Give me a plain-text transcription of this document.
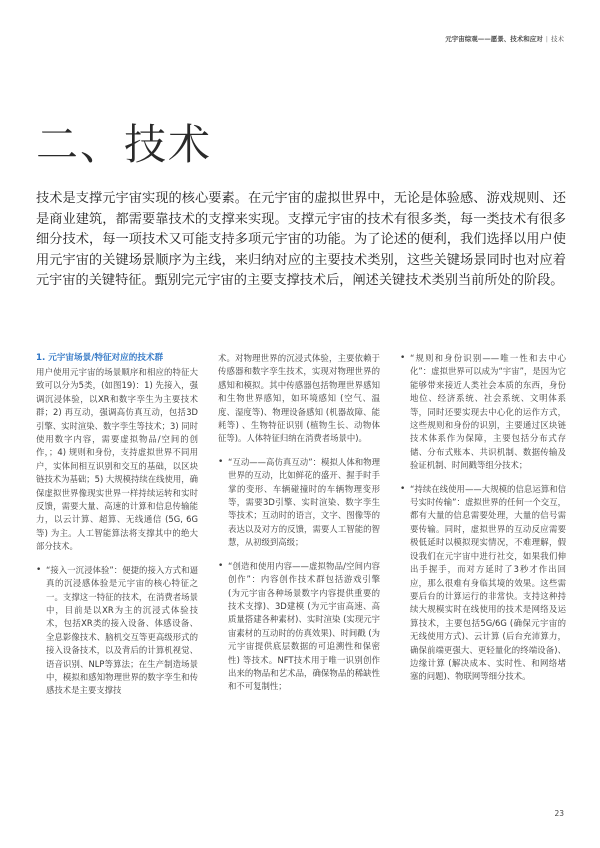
元宇宙综观——愿景、技术和应对 | 技术
二、技术

技术是支撑元宇宙实现的核心要素。在元宇宙的虚拟世界中，无论是体验感、游戏规则、还是商业建筑，都需要靠技术的支撑来实现。支撑元宇宙的技术有很多类，每一类技术有很多细分技术，每一项技术又可能支持多项元宇宙的功能。为了论述的便利，我们选择以用户使用元宇宙的关键场景顺序为主线，来归纳对应的主要技术类别，这些关键场景同时也对应着元宇宙的关键特征。甄别完元宇宙的主要支撑技术后，阐述关键技术类别当前所处的阶段。

1. 元宇宙场景/特征对应的技术群

用户使用元宇宙的场景顺序和相应的特征大致可以分为5类，(如图19)：1) 先接入，强调沉浸体验，以XR和数字孪生为主要技术群；2) 再互动，强调高仿真互动，包括3D引擎、实时渲染、数字孪生等技术；3) 同时使用数字内容，需要虚拟物品/空间的创作，；4) 规则和身份，支持虚拟世界不同用户，实体间相互识别和交互的基础，以区块链技术为基础；5) 大规模持续在线使用，确保虚拟世界像现实世界一样持续运转和实时反馈，需要大量、高速的计算和信息传输能力，以云计算、超算、无线通信 (5G, 6G等) 为主。人工智能算法将支撑其中的绝大部分技术。

• “接入一沉浸体验”：便捷的接入方式和逼真的沉浸感体验是元宇宙的核心特征之一。支撑这一特征的技术，在消费者场景中，目前是以XR为主的沉浸式体验技术，包括XR类的接入设备、体感设备、全息影像技术、脑机交互等更高级形式的接入设备技术，以及背后的计算机视觉、语音识别、NLP等算法；在生产制造场景中，模拟和感知物理世界的数字孪生和传感技术是主要支撑技

术。对物理世界的沉浸式体验，主要依赖于传感器和数字孪生技术，实现对物理世界的感知和模拟。其中传感器包括物理世界感知和生物世界感知，如环境感知 (空气、温度、湿度等)、物理设备感知 (机器故障、能耗等) 、生物特征识别 (植物生长、动物体征等)。人体特征归纳在消费者场景中)。

• “互动——高仿真互动”：模拟人体和物理世界的互动，比如鲜花的盛开、握手时手掌的变形、车辆碰撞时的车辆物理变形等，需要3D引擎、实时渲染、数字孪生等技术；互动时的语言，文字、图像等的表达以及对方的反馈，需要人工智能的智慧，从初级到高级；
• “创造和使用内容——虚拟物品/空间内容创作”：内容创作技术群包括游戏引擎 (为元宇宙各种场景数字内容提供重要的技术支撑)、3D建模 (为元宇宙高速、高质量搭建各种素材)、实时渲染 (实现元宇宙素材的互动时的仿真效果)、时间戳 (为元宇宙提供底层数据的可追溯性和保密性) 等技术。NFT技术用于唯一识别创作出来的物品和艺术品，确保物品的稀缺性和不可复制性；
• “规则和身份识别——唯一性和去中心化”：虚拟世界可以成为“宇宙”，是因为它能够带来接近人类社会本质的东西，身份地位、经济系统、社会系统、文明体系等，同时还要实现去中心化的运作方式，这些规则和身份的识别，主要通过区块链技术体系作为保障，主要包括分布式存储、分布式账本、共识机制、数据传输及验证机制、时间戳等组分技术；
• “持续在线使用——大规模的信息运算和信号实时传输”：虚拟世界的任何一个交互，都有大量的信息需要处理，大量的信号需要传输。同时，虚拟世界的互动反应需要极低延时以模拟现实情况，不难理解，假设我们在元宇宙中进行社交，如果我们伸出手握手，而对方延时了3秒才作出回应，那么很难有身临其境的效果。这些需要后台的计算运行的非常快。支持这种持续大规模实时在线使用的技术是网络及运算技术，主要包括5G/6G (确保元宇宙的无线使用方式)、云计算 (后台充沛算力，确保前端更强大、更轻量化的终端设备)、边缘计算 (解决成本、实时性、和网络堵塞的问题)、物联网等细分技术。
23
